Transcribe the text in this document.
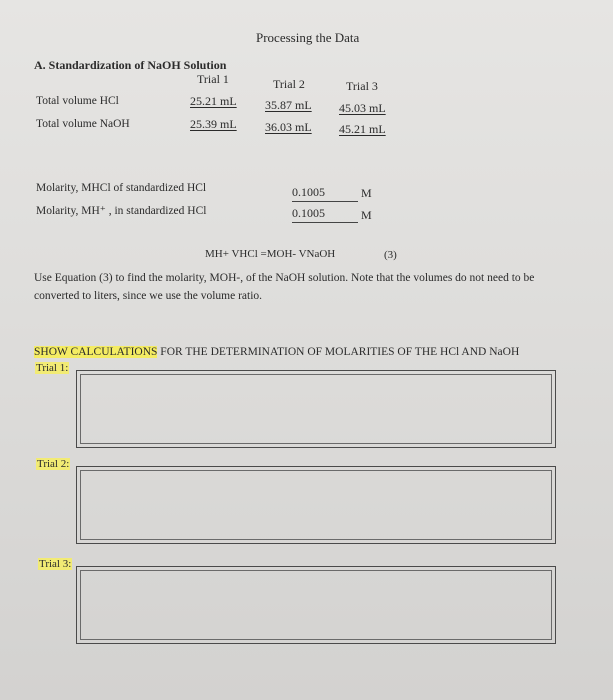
Processing the Data
A. Standardization of NaOH Solution
Trial 1	Trial 2	Trial 3
Total volume HCl	25.21 mL 35.87 mL 45.03 mL
Total volume NaOH	25.39 mL 36.03 mL 45.21 mL
Molarity, MHCl of standardized HCl	0.1005	M
Molarity, MH⁺ , in standardized HCl	0.1005	M
MH+ VHCl =MOH- VNaOH	(3)
Use Equation (3) to find the molarity, MOH-, of the NaOH solution. Note that the volumes do not need to be
converted to liters, since we use the volume ratio.
SHOW CALCULATIONS FOR THE DETERMINATION OF MOLARITIES OF THE HCl AND NaOH
Trial 1:
Trial 2:
Trial 3:
